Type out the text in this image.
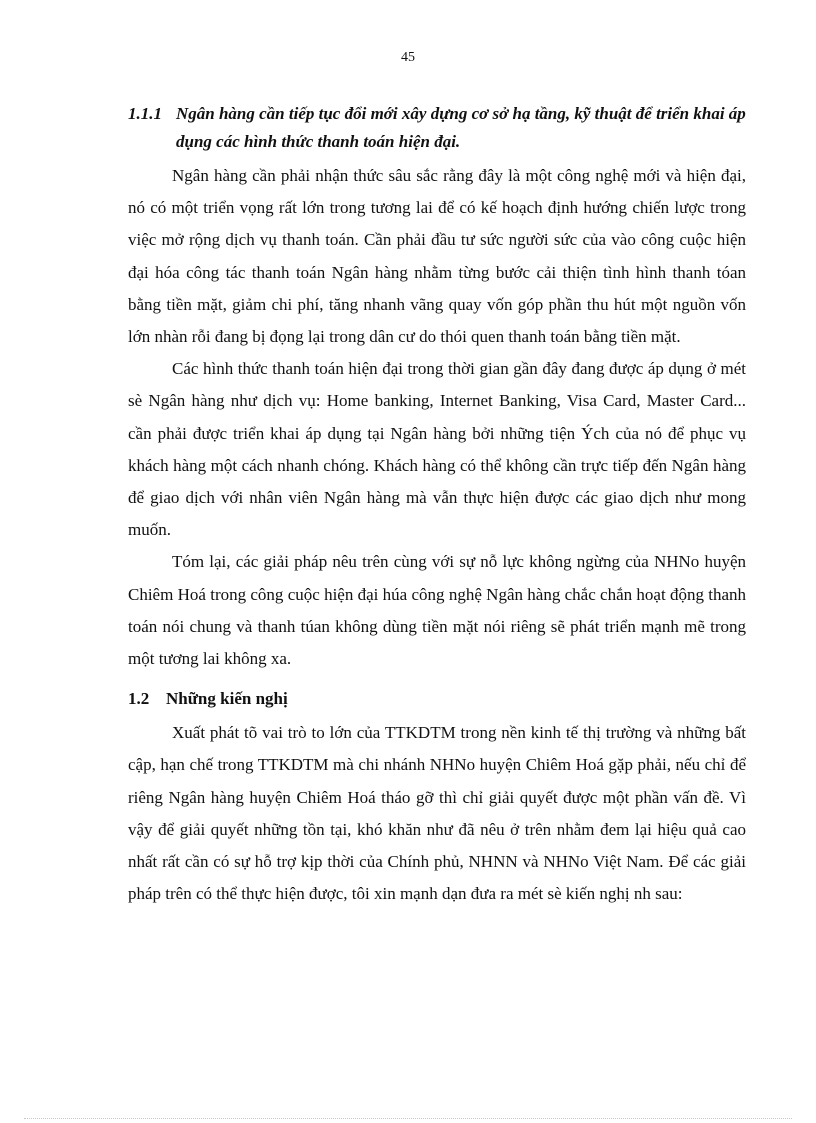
45
1.1.1 Ngân hàng cần tiếp tục đổi mới xây dựng cơ sở hạ tầng, kỹ thuật để triển khai áp dụng các hình thức thanh toán hiện đại.

Ngân hàng cần phải nhận thức sâu sắc rằng đây là một công nghệ mới và hiện đại, nó có một triển vọng rất lớn trong tương lai để có kế hoạch định hướng chiến lược trong việc mở rộng dịch vụ thanh toán. Cần phải đầu tư sức người sức của vào công cuộc hiện đại hóa công tác thanh toán Ngân hàng nhằm từng bước cải thiện tình hình thanh tóan bằng tiền mặt, giảm chi phí, tăng nhanh vãng quay vốn góp phần thu hút một nguồn vốn lớn nhàn rỗi đang bị đọng lại trong dân cư do thói quen thanh toán bằng tiền mặt.

Các hình thức thanh toán hiện đại trong thời gian gần đây đang được áp dụng ở mét sè Ngân hàng như dịch vụ: Home banking, Internet Banking, Visa Card, Master Card... cần phải được triển khai áp dụng tại Ngân hàng bởi những tiện Ých của nó để phục vụ khách hàng một cách nhanh chóng. Khách hàng có thể không cần trực tiếp đến Ngân hàng để giao dịch với nhân viên Ngân hàng mà vẫn thực hiện được các giao dịch như mong muốn.

Tóm lại, các giải pháp nêu trên cùng với sự nỗ lực không ngừng của NHNo huyện Chiêm Hoá trong công cuộc hiện đại húa công nghệ Ngân hàng chắc chắn hoạt động thanh toán nói chung và thanh túan không dùng tiền mặt nói riêng sẽ phát triển mạnh mẽ trong một tương lai không xa.

1.2 Những kiến nghị

Xuất phát tõ vai trò to lớn của TTKDTM trong nền kinh tế thị trường và những bất cập, hạn chế trong TTKDTM mà chi nhánh NHNo huyện Chiêm Hoá gặp phải, nếu chỉ để riêng Ngân hàng huyện Chiêm Hoá tháo gỡ thì chỉ giải quyết được một phần vấn đề. Vì vậy để giải quyết những tồn tại, khó khăn như đã nêu ở trên nhằm đem lại hiệu quả cao nhất rất cần có sự hỗ trợ kịp thời của Chính phủ, NHNN và NHNo Việt Nam. Để các giải pháp trên có thể thực hiện được, tôi xin mạnh dạn đưa ra mét sè kiến nghị nh sau:
